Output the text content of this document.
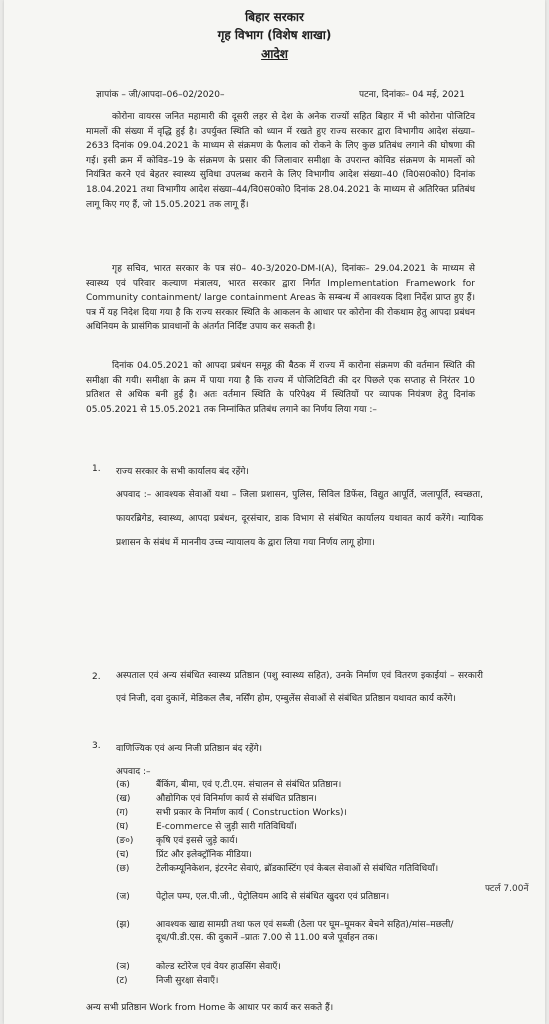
बिहार सरकार
गृह विभाग (विशेष शाखा)
आदेश
ज्ञापांक – जी/आपदा–06–02/2020–	पटना, दिनांकः– 04 मई, 2021
कोरोना वायरस जनित महामारी की दूसरी लहर से देश के अनेक राज्यों सहित बिहार में भी कोरोना पोजिटिव मामलों की संख्या में वृद्धि हुई है। उपर्युक्त स्थिति को ध्यान में रखते हुए राज्य सरकार द्वारा विभागीय आदेश संख्या–2633 दिनांक 09.04.2021 के माध्यम से संक्रमण के फैलाव को रोकने के लिए कुछ प्रतिबंध लगाने की घोषणा की गई। इसी क्रम में कोविड–19 के संक्रमण के प्रसार की जिलावार समीक्षा के उपरान्त कोविड संक्रमण के मामलों को नियंत्रित करने एवं बेहतर स्वास्थ्य सुविधा उपलब्ध कराने के लिए विभागीय आदेश संख्या–40 (वि0स0को0) दिनांक 18.04.2021 तथा विभागीय आदेश संख्या–44/वि0स0को0 दिनांक 28.04.2021 के माध्यम से अतिरिक्त प्रतिबंध लागू किए गए हैं, जो 15.05.2021 तक लागू हैं।
गृह सचिव, भारत सरकार के पत्र सं0– 40-3/2020-DM-I(A), दिनांकः– 29.04.2021 के माध्यम से स्वास्थ्य एवं परिवार कल्याण मंत्रालय, भारत सरकार द्वारा निर्गत Implementation Framework for Community containment/ large containment Areas के सम्बन्ध में आवश्यक दिशा निर्देश प्राप्त हुए हैं। पत्र में यह निदेश दिया गया है कि राज्य सरकार स्थिति के आकलन के आधार पर कोरोना की रोकथाम हेतु आपदा प्रबंधन अधिनियम के प्रासंगिक प्रावधानों के अंतर्गत निर्दिष्ट उपाय कर सकती है।
दिनांक 04.05.2021 को आपदा प्रबंधन समूह की बैठक में राज्य में कारोना संक्रमण की वर्तमान स्थिति की समीक्षा की गयी। समीक्षा के क्रम में पाया गया है कि राज्य में पोजिटिविटी की दर पिछले एक सप्ताह से निरंतर 10 प्रतिशत से अधिक बनी हुई है। अतः वर्तमान स्थिति के परिपेक्ष्य में स्थितियों पर व्यापक नियंत्रण हेतु दिनांक 05.05.2021 से 15.05.2021 तक निम्नांकित प्रतिबंध लगाने का निर्णय लिया गया :–
1. राज्य सरकार के सभी कार्यालय बंद रहेंगे।
अपवाद :– आवश्यक सेवाओं यथा – जिला प्रशासन, पुलिस, सिविल डिफेंस, विद्युत आपूर्ति, जलापूर्ति, स्वच्छता, फायरब्रिगेड, स्वास्थ्य, आपदा प्रबंधन, दूरसंचार, डाक विभाग से संबंधित कार्यालय यथावत कार्य करेंगे। न्यायिक प्रशासन के संबंध में माननीय उच्च न्यायालय के द्वारा लिया गया निर्णय लागू होगा।
2. अस्पताल एवं अन्य संबंधित स्वास्थ्य प्रतिष्ठान (पशु स्वास्थ्य सहित), उनके निर्माण एवं वितरण इकाईयां – सरकारी एवं निजी, दवा दुकानें, मेडिकल लैब, नर्सिंग होम, एम्बुलेंस सेवाओं से संबंधित प्रतिष्ठान यथावत कार्य करेंगे।
3. वाणिज्यिक एवं अन्य निजी प्रतिष्ठान बंद रहेंगे।
अपवाद :–
(क)	बैंकिंग, बीमा, एवं ए.टी.एम. संचालन से संबंधित प्रतिष्ठान।
(ख)	औद्योगिक एवं विनिर्माण कार्य से संबंधित प्रतिष्ठान।
(ग)	सभी प्रकार के निर्माण कार्य ( Construction Works)।
(घ)	E-commerce से जुड़ी सारी गतिविधियाँ।
(ङ०)	कृषि एवं इससे जुड़े कार्य।
(च)	प्रिंट और इलेक्ट्रॉनिक मीडिया।
(छ)	टेलीकम्यूनिकेशन, इंटरनेट सेवाएं, ब्रॉडकास्टिंग एवं केबल सेवाओं से संबंधित गतिविधियाँ।
(ज)	पेट्रोल पम्प, एल.पी.जी., पेट्रोलियम आदि से संबंधित खुदरा एवं प्रतिष्ठान।
(झ)	आवश्यक खाद्य सामग्री तथा फल एवं सब्जी (ठेला पर घूम–घूमकर बेचने सहित)/मांस–मछली/दूध/पी.डी.एस. की दुकानें –प्रातः 7.00 से 11.00 बजे पूर्वाहन तक।
(ञ)	कोल्ड स्टोरेज एवं वेयर हाउसिंग सेवाएँ।
(ट)	निजी सुरक्षा सेवाएँ।
फ्टर्ल 7.00नें
अन्य सभी प्रतिष्ठान Work from Home के आधार पर कार्य कर सकते हैं।
